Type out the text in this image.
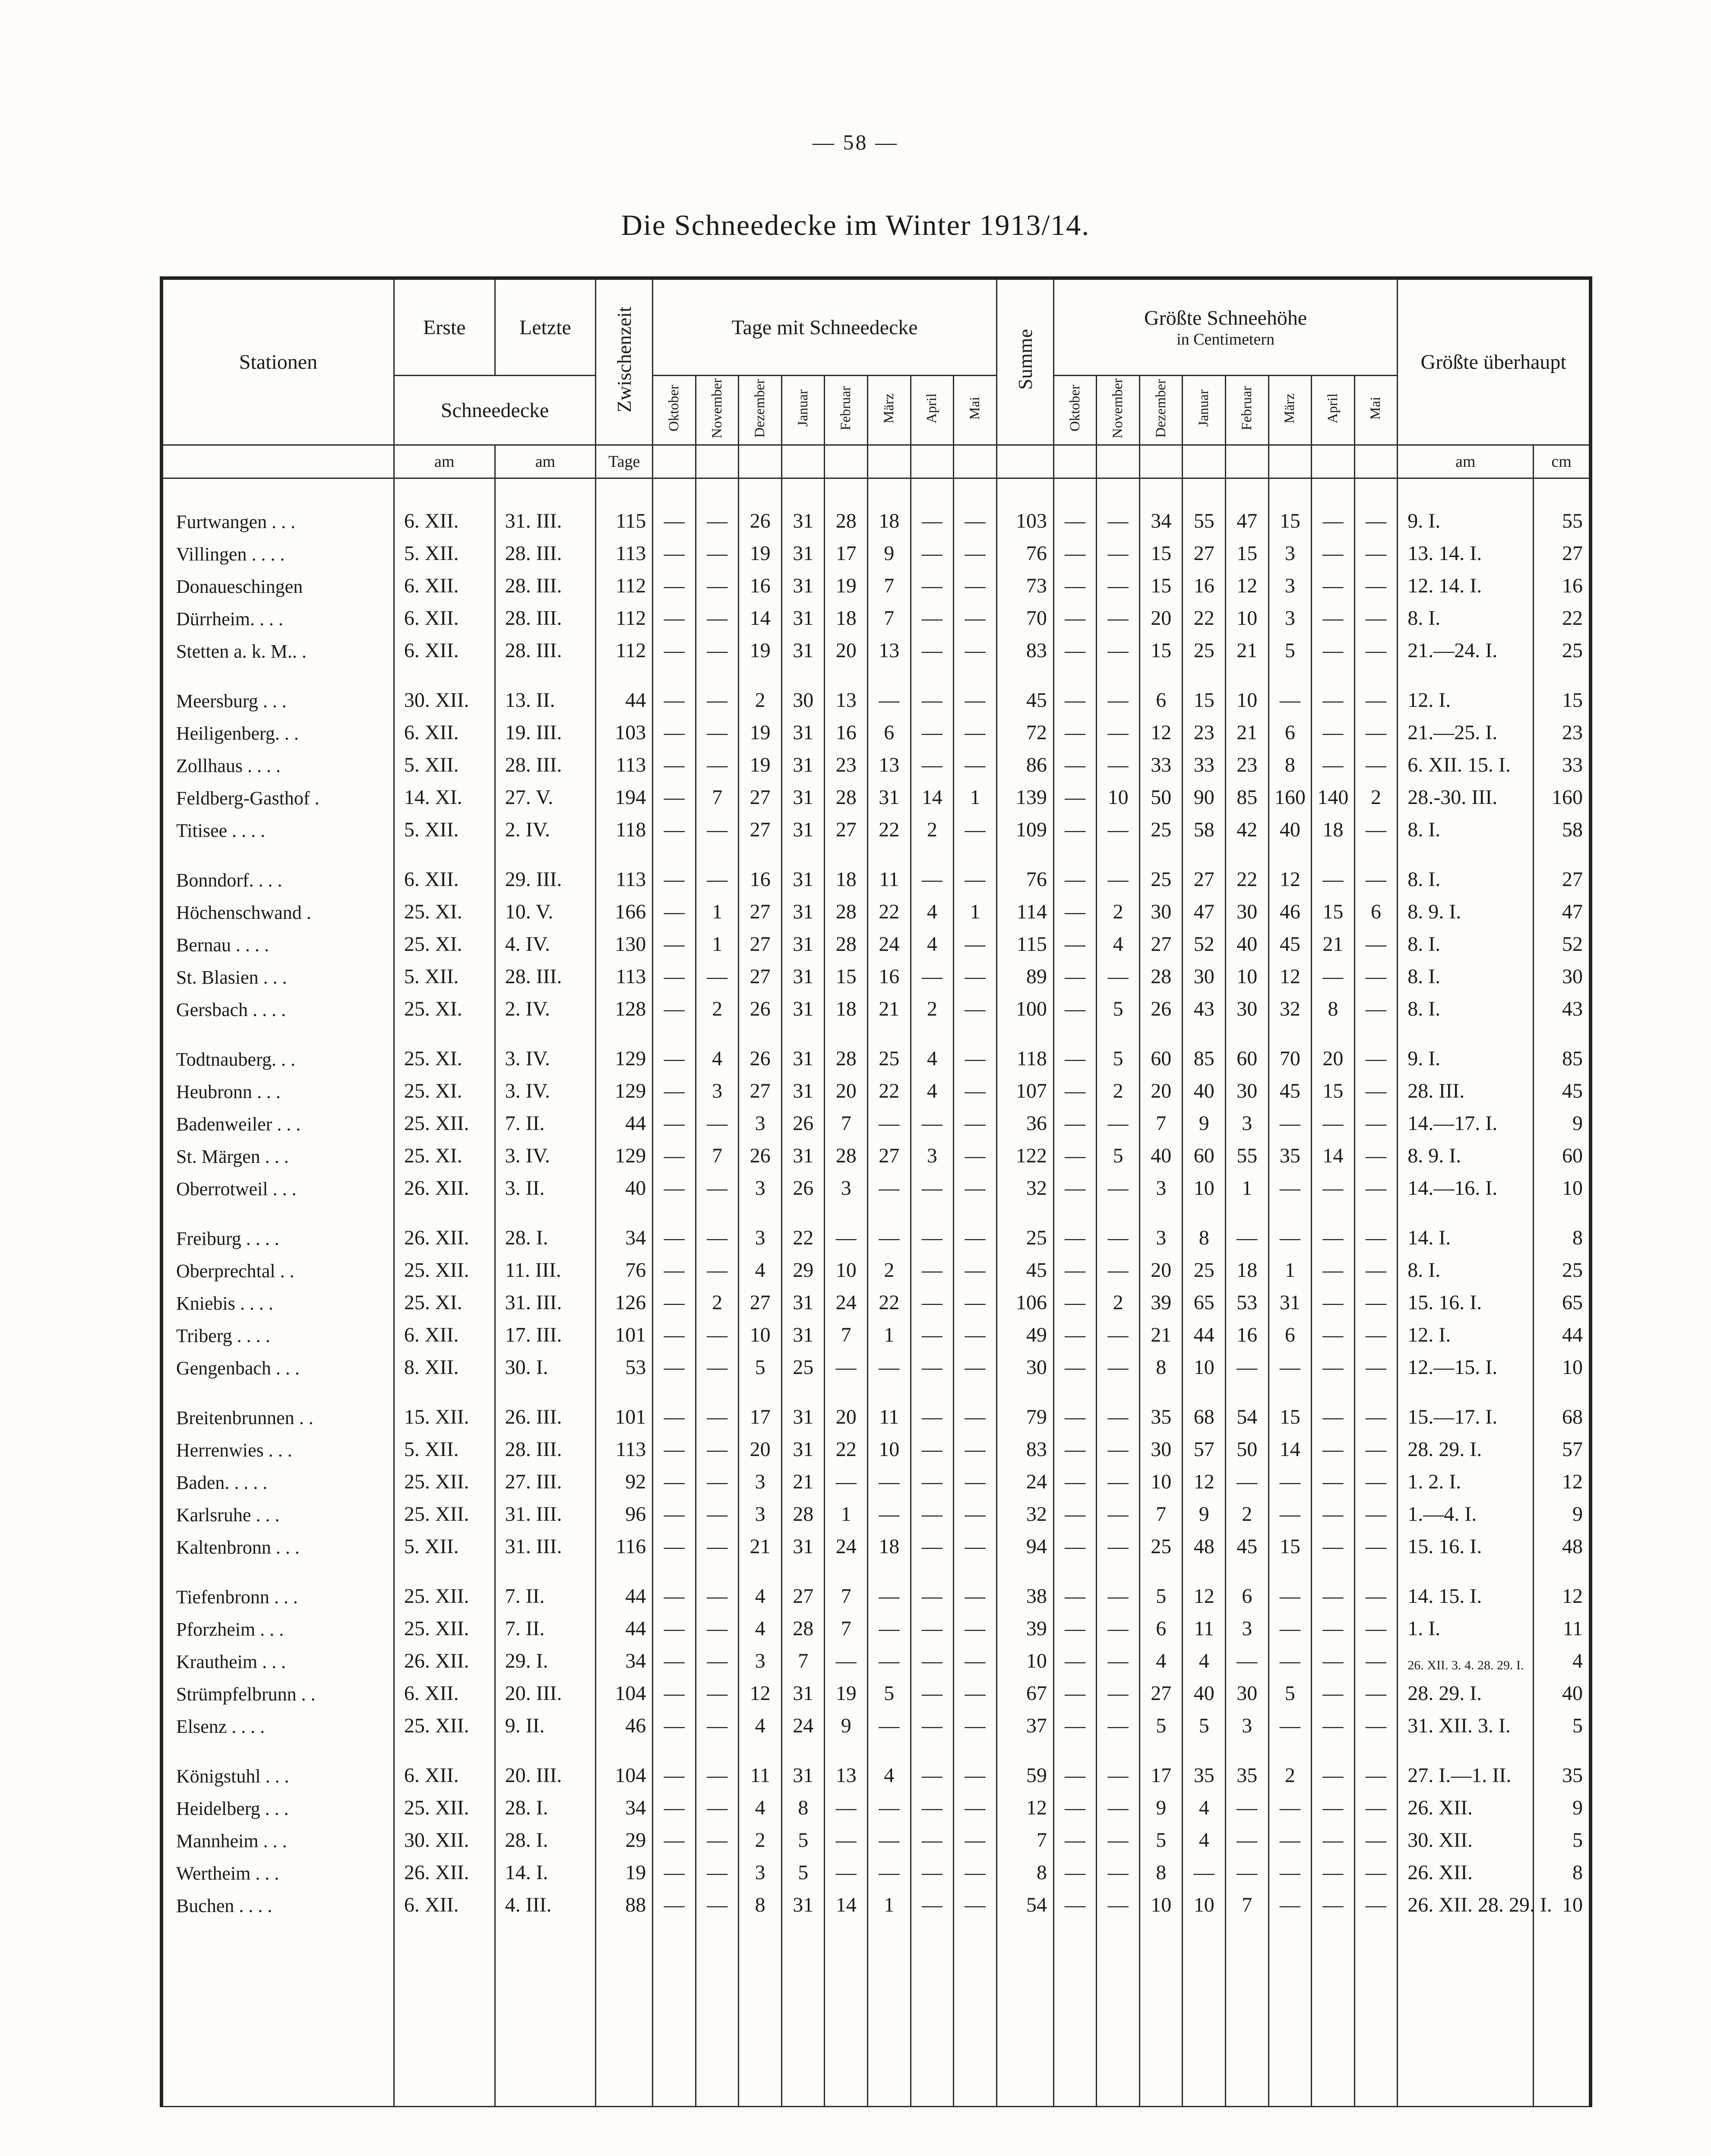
— 58 —
Die Schneedecke im Winter 1913/14.
Stationen	Erste	Letzte	Zwischenzeit	Tage mit Schneedecke								Summe	Größte Schneehöhe
in Centimetern								Größte überhaupt	
	Schneedecke			Oktober	November	Dezember	Januar	Februar	März	April	Mai		Oktober	November	Dezember	Januar	Februar	März	April	Mai		
	am	am	Tage																		am	cm

Furtwangen . . .	6. XII.	31. III.	115	—	—	26	31	28	18	—	—	103	—	—	34	55	47	15	—	—	9. I.	55
Villingen . . . .	5. XII.	28. III.	113	—	—	19	31	17	9	—	—	76	—	—	15	27	15	3	—	—	13. 14. I.	27
Donaueschingen	6. XII.	28. III.	112	—	—	16	31	19	7	—	—	73	—	—	15	16	12	3	—	—	12. 14. I.	16
Dürrheim. . . .	6. XII.	28. III.	112	—	—	14	31	18	7	—	—	70	—	—	20	22	10	3	—	—	8. I.	22
Stetten a. k. M.. .	6. XII.	28. III.	112	—	—	19	31	20	13	—	—	83	—	—	15	25	21	5	—	—	21.—24. I.	25

Meersburg . . .	30. XII.	13. II.	44	—	—	2	30	13	—	—	—	45	—	—	6	15	10	—	—	—	12. I.	15
Heiligenberg. . .	6. XII.	19. III.	103	—	—	19	31	16	6	—	—	72	—	—	12	23	21	6	—	—	21.—25. I.	23
Zollhaus . . . .	5. XII.	28. III.	113	—	—	19	31	23	13	—	—	86	—	—	33	33	23	8	—	—	6. XII. 15. I.	33
Feldberg-Gasthof .	14. XI.	27. V.	194	—	7	27	31	28	31	14	1	139	—	10	50	90	85	160	140	2	28.-30. III.	160
Titisee . . . .	5. XII.	2. IV.	118	—	—	27	31	27	22	2	—	109	—	—	25	58	42	40	18	—	8. I.	58

Bonndorf. . . .	6. XII.	29. III.	113	—	—	16	31	18	11	—	—	76	—	—	25	27	22	12	—	—	8. I.	27
Höchenschwand .	25. XI.	10. V.	166	—	1	27	31	28	22	4	1	114	—	2	30	47	30	46	15	6	8. 9. I.	47
Bernau . . . .	25. XI.	4. IV.	130	—	1	27	31	28	24	4	—	115	—	4	27	52	40	45	21	—	8. I.	52
St. Blasien . . .	5. XII.	28. III.	113	—	—	27	31	15	16	—	—	89	—	—	28	30	10	12	—	—	8. I.	30
Gersbach . . . .	25. XI.	2. IV.	128	—	2	26	31	18	21	2	—	100	—	5	26	43	30	32	8	—	8. I.	43

Todtnauberg. . .	25. XI.	3. IV.	129	—	4	26	31	28	25	4	—	118	—	5	60	85	60	70	20	—	9. I.	85
Heubronn . . .	25. XI.	3. IV.	129	—	3	27	31	20	22	4	—	107	—	2	20	40	30	45	15	—	28. III.	45
Badenweiler . . .	25. XII.	7. II.	44	—	—	3	26	7	—	—	—	36	—	—	7	9	3	—	—	—	14.—17. I.	9
St. Märgen . . .	25. XI.	3. IV.	129	—	7	26	31	28	27	3	—	122	—	5	40	60	55	35	14	—	8. 9. I.	60
Oberrotweil . . .	26. XII.	3. II.	40	—	—	3	26	3	—	—	—	32	—	—	3	10	1	—	—	—	14.—16. I.	10

Freiburg . . . .	26. XII.	28. I.	34	—	—	3	22	—	—	—	—	25	—	—	3	8	—	—	—	—	14. I.	8
Oberprechtal . .	25. XII.	11. III.	76	—	—	4	29	10	2	—	—	45	—	—	20	25	18	1	—	—	8. I.	25
Kniebis . . . .	25. XI.	31. III.	126	—	2	27	31	24	22	—	—	106	—	2	39	65	53	31	—	—	15. 16. I.	65
Triberg . . . .	6. XII.	17. III.	101	—	—	10	31	7	1	—	—	49	—	—	21	44	16	6	—	—	12. I.	44
Gengenbach . . .	8. XII.	30. I.	53	—	—	5	25	—	—	—	—	30	—	—	8	10	—	—	—	—	12.—15. I.	10

Breitenbrunnen . .	15. XII.	26. III.	101	—	—	17	31	20	11	—	—	79	—	—	35	68	54	15	—	—	15.—17. I.	68
Herrenwies . . .	5. XII.	28. III.	113	—	—	20	31	22	10	—	—	83	—	—	30	57	50	14	—	—	28. 29. I.	57
Baden. . . . .	25. XII.	27. III.	92	—	—	3	21	—	—	—	—	24	—	—	10	12	—	—	—	—	1. 2. I.	12
Karlsruhe . . .	25. XII.	31. III.	96	—	—	3	28	1	—	—	—	32	—	—	7	9	2	—	—	—	1.—4. I.	9
Kaltenbronn . . .	5. XII.	31. III.	116	—	—	21	31	24	18	—	—	94	—	—	25	48	45	15	—	—	15. 16. I.	48

Tiefenbronn . . .	25. XII.	7. II.	44	—	—	4	27	7	—	—	—	38	—	—	5	12	6	—	—	—	14. 15. I.	12
Pforzheim . . .	25. XII.	7. II.	44	—	—	4	28	7	—	—	—	39	—	—	6	11	3	—	—	—	1. I.	11
Krautheim . . .	26. XII.	29. I.	34	—	—	3	7	—	—	—	—	10	—	—	4	4	—	—	—	—	26. XII. 3. 4. 28. 29. I.	4
Strümpfelbrunn . .	6. XII.	20. III.	104	—	—	12	31	19	5	—	—	67	—	—	27	40	30	5	—	—	28. 29. I.	40
Elsenz . . . .	25. XII.	9. II.	46	—	—	4	24	9	—	—	—	37	—	—	5	5	3	—	—	—	31. XII. 3. I.	5

Königstuhl . . .	6. XII.	20. III.	104	—	—	11	31	13	4	—	—	59	—	—	17	35	35	2	—	—	27. I.—1. II.	35
Heidelberg . . .	25. XII.	28. I.	34	—	—	4	8	—	—	—	—	12	—	—	9	4	—	—	—	—	26. XII.	9
Mannheim . . .	30. XII.	28. I.	29	—	—	2	5	—	—	—	—	7	—	—	5	4	—	—	—	—	30. XII.	5
Wertheim . . .	26. XII.	14. I.	19	—	—	3	5	—	—	—	—	8	—	—	8	—	—	—	—	—	26. XII.	8
Buchen . . . .	6. XII.	4. III.	88	—	—	8	31	14	1	—	—	54	—	—	10	10	7	—	—	—	26. XII. 28. 29. I.	10
